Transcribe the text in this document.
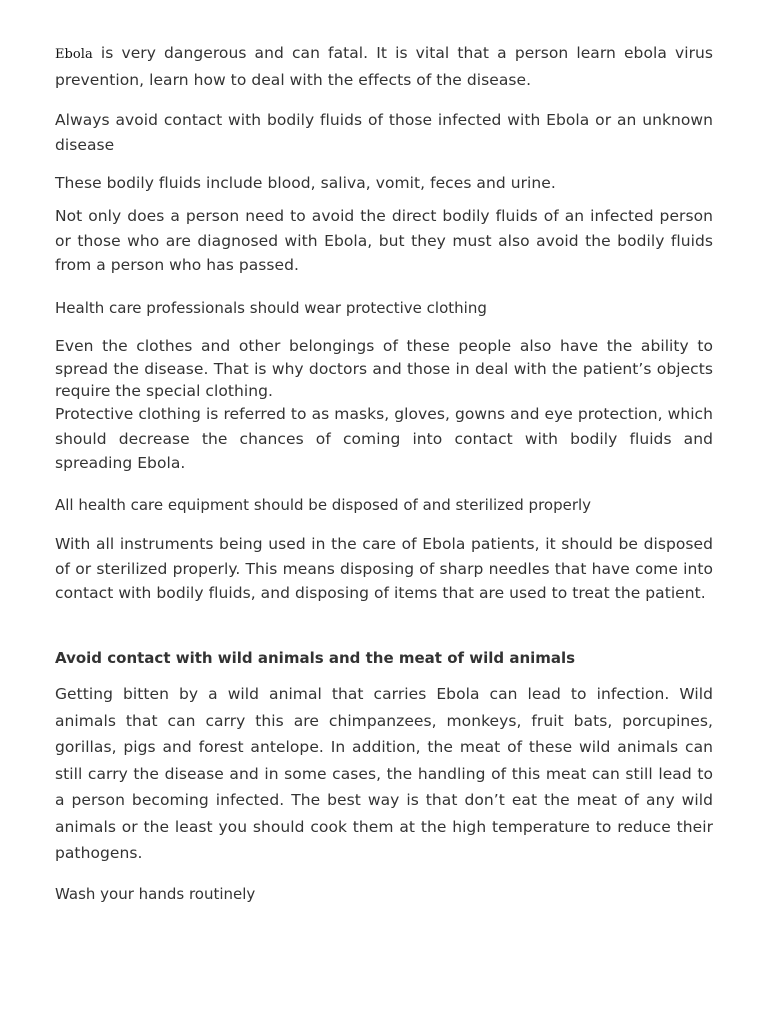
Ebola is very dangerous and can fatal. It is vital that a person learn ebola virus prevention, learn how to deal with the effects of the disease.

Always avoid contact with bodily fluids of those infected with Ebola or an unknown disease

These bodily fluids include blood, saliva, vomit, feces and urine.

Not only does a person need to avoid the direct bodily fluids of an infected person or those who are diagnosed with Ebola, but they must also avoid the bodily fluids from a person who has passed.

Health care professionals should wear protective clothing

Even the clothes and other belongings of these people also have the ability to spread the disease. That is why doctors and those in deal with the patient’s objects require the special clothing.

Protective clothing is referred to as masks, gloves, gowns and eye protection, which should decrease the chances of coming into contact with bodily fluids and spreading Ebola.

All health care equipment should be disposed of and sterilized properly

With all instruments being used in the care of Ebola patients, it should be disposed of or sterilized properly. This means disposing of sharp needles that have come into contact with bodily fluids, and disposing of items that are used to treat the patient.

Avoid contact with wild animals and the meat of wild animals

Getting bitten by a wild animal that carries Ebola can lead to infection. Wild animals that can carry this are chimpanzees, monkeys, fruit bats, porcupines, gorillas, pigs and forest antelope. In addition, the meat of these wild animals can still carry the disease and in some cases, the handling of this meat can still lead to a person becoming infected. The best way is that don’t eat the meat of any wild animals or the least you should cook them at the high temperature to reduce their pathogens.

Wash your hands routinely
